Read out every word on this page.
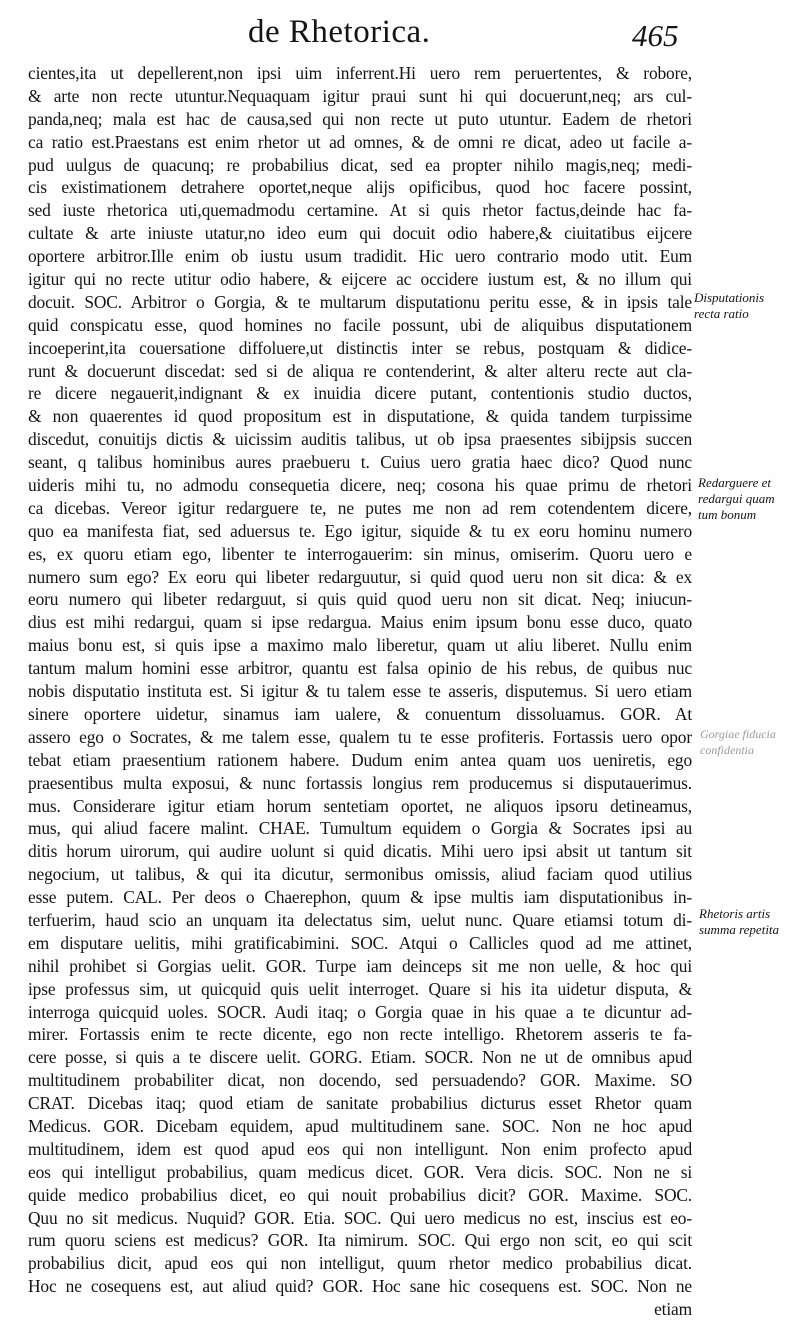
de Rhetorica.	465
cientes,ita ut depellerent,non ipsi uim inferrent.Hi uero rem peruertentes, & robore,
& arte non recte utuntur.Nequaquam igitur praui sunt hi qui docuerunt,neq; ars cul-
panda,neq; mala est hac de causa,sed qui non recte ut puto utuntur. Eadem de rhetori
ca ratio est.Praestans est enim rhetor ut ad omnes, & de omni re dicat, adeo ut facile a-
pud uulgus de quacunq; re probabilius dicat, sed ea propter nihilo magis,neq; medi-
cis existimationem detrahere oportet,neque alijs opificibus, quod hoc facere possint,
sed iuste rhetorica uti,quemadmodu certamine. At si quis rhetor factus,deinde hac fa-
cultate & arte iniuste utatur,no ideo eum qui docuit odio habere,& ciuitatibus eijcere
oportere arbitror.Ille enim ob iustu usum tradidit. Hic uero contrario modo utit. Eum
igitur qui no recte utitur odio habere, & eijcere ac occidere iustum est, & no illum qui
docuit. SOC. Arbitror o Gorgia, & te multarum disputationu peritu esse, & in ipsis tale
quid conspicatu esse, quod homines no facile possunt, ubi de aliquibus disputationem
incoeperint,ita couersatione diffoluere,ut distinctis inter se rebus, postquam & didice-
runt & docuerunt discedat: sed si de aliqua re contenderint, & alter alteru recte aut cla-
re dicere negauerit,indignant & ex inuidia dicere putant, contentionis studio ductos,
& non quaerentes id quod propositum est in disputatione, & quida tandem turpissime
discedut, conuitijs dictis & uicissim auditis talibus, ut ob ipsa praesentes sibijpsis succen
seant, q talibus hominibus aures praebueru t. Cuius uero gratia haec dico? Quod nunc
uideris mihi tu, no admodu consequetia dicere, neq; cosona his quae primu de rhetori
ca dicebas. Vereor igitur redarguere te, ne putes me non ad rem cotendentem dicere,
quo ea manifesta fiat, sed aduersus te. Ego igitur, siquide & tu ex eoru hominu numero
es, ex quoru etiam ego, libenter te interrogauerim: sin minus, omiserim. Quoru uero e
numero sum ego? Ex eoru qui libeter redarguutur, si quid quod ueru non sit dica: & ex
eoru numero qui libeter redarguut, si quis quid quod ueru non sit dicat. Neq; iniucun-
dius est mihi redargui, quam si ipse redargua. Maius enim ipsum bonu esse duco, quato
maius bonu est, si quis ipse a maximo malo liberetur, quam ut aliu liberet. Nullu enim
tantum malum homini esse arbitror, quantu est falsa opinio de his rebus, de quibus nuc
nobis disputatio instituta est. Si igitur & tu talem esse te asseris, disputemus. Si uero etiam
sinere oportere uidetur, sinamus iam ualere, & conuentum dissoluamus. GOR. At
assero ego o Socrates, & me talem esse, qualem tu te esse profiteris. Fortassis uero opor
tebat etiam praesentium rationem habere. Dudum enim antea quam uos ueniretis, ego
praesentibus multa exposui, & nunc fortassis longius rem producemus si disputauerimus.
mus. Considerare igitur etiam horum sentetiam oportet, ne aliquos ipsoru detineamus,
mus, qui aliud facere malint. CHAE. Tumultum equidem o Gorgia & Socrates ipsi au
ditis horum uirorum, qui audire uolunt si quid dicatis. Mihi uero ipsi absit ut tantum sit
negocium, ut talibus, & qui ita dicutur, sermonibus omissis, aliud faciam quod utilius
esse putem. CAL. Per deos o Chaerephon, quum & ipse multis iam disputationibus in-
terfuerim, haud scio an unquam ita delectatus sim, uelut nunc. Quare etiamsi totum di-
em disputare uelitis, mihi gratificabimini. SOC. Atqui o Callicles quod ad me attinet,
nihil prohibet si Gorgias uelit. GOR. Turpe iam deinceps sit me non uelle, & hoc qui
ipse professus sim, ut quicquid quis uelit interroget. Quare si his ita uidetur disputa, &
interroga quicquid uoles. SOCR. Audi itaq; o Gorgia quae in his quae a te dicuntur ad-
mirer. Fortassis enim te recte dicente, ego non recte intelligo. Rhetorem asseris te fa-
cere posse, si quis a te discere uelit. GORG. Etiam. SOCR. Non ne ut de omnibus apud
multitudinem probabiliter dicat, non docendo, sed persuadendo? GOR. Maxime. SO
CRAT. Dicebas itaq; quod etiam de sanitate probabilius dicturus esset Rhetor quam
Medicus. GOR. Dicebam equidem, apud multitudinem sane. SOC. Non ne hoc apud
multitudinem, idem est quod apud eos qui non intelligunt. Non enim profecto apud
eos qui intelligut probabilius, quam medicus dicet. GOR. Vera dicis. SOC. Non ne si
quide medico probabilius dicet, eo qui nouit probabilius dicit? GOR. Maxime. SOC.
Quu no sit medicus. Nuquid? GOR. Etia. SOC. Qui uero medicus no est, inscius est eo-
rum quoru sciens est medicus? GOR. Ita nimirum. SOC. Qui ergo non scit, eo qui scit
probabilius dicit, apud eos qui non intelligut, quum rhetor medico probabilius dicat.
Hoc ne cosequens est, aut aliud quid? GOR. Hoc sane hic cosequens est. SOC. Non ne
etiam
Disputationis
recta ratio
Redarguere et
redargui quam
tum bonum
Gorgiae fiducia
confidentia
Rhetoris artis
summa repetita
